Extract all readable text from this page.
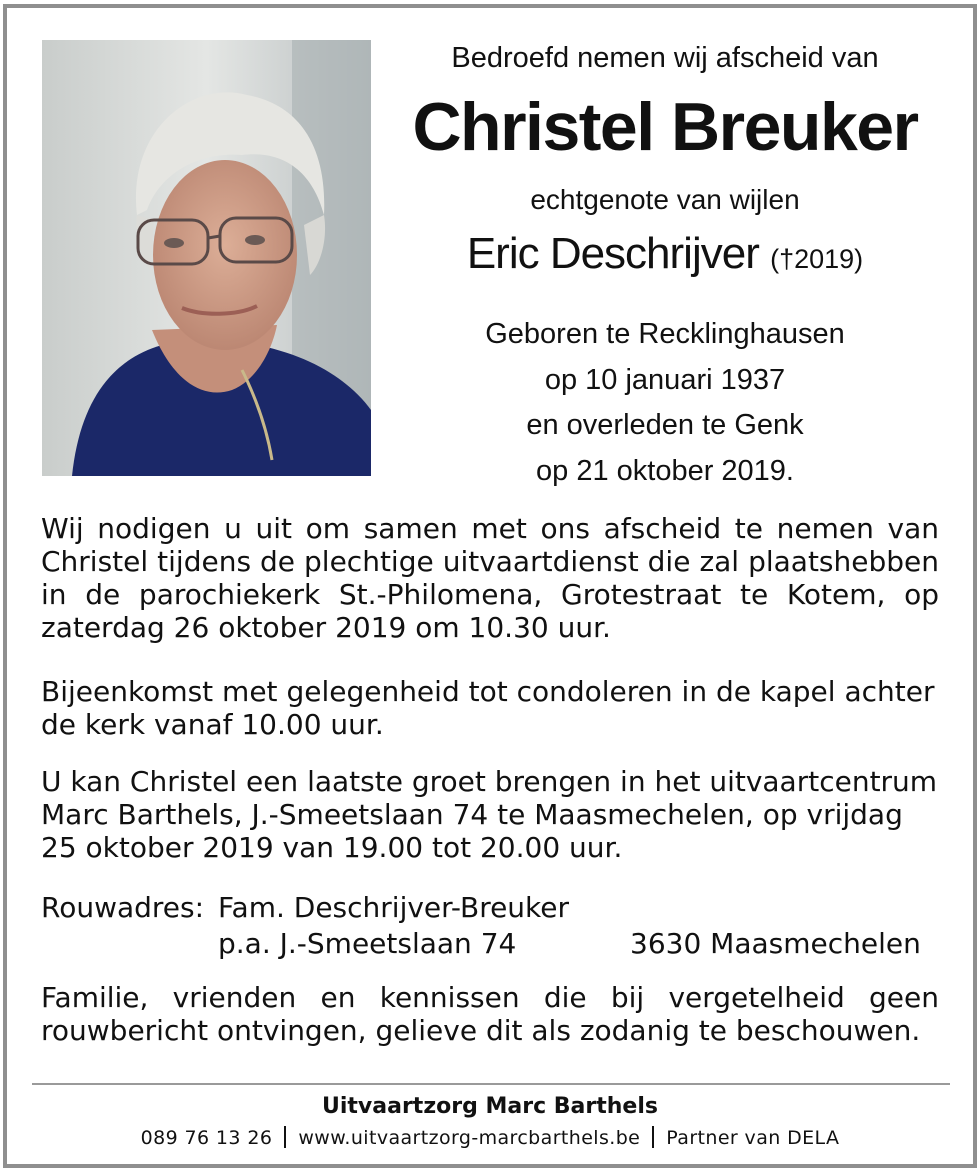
Bedroefd nemen wij afscheid van
Christel Breuker
echtgenote van wijlen
Eric Deschrijver (†2019)
Geboren te Recklinghausen
op 10 januari 1937
en overleden te Genk
op 21 oktober 2019.
Wij nodigen u uit om samen met ons afscheid te nemen van Christel tijdens de plechtige uitvaartdienst die zal plaatshebben in de parochiekerk St.-Philomena, Grotestraat te Kotem, op zaterdag 26 oktober 2019 om 10.30 uur.
Bijeenkomst met gelegenheid tot condoleren in de kapel achter de kerk vanaf 10.00 uur.
U kan Christel een laatste groet brengen in het uitvaartcentrum Marc Barthels, J.-Smeetslaan 74 te Maasmechelen, op vrijdag 25 oktober 2019 van 19.00 tot 20.00 uur.
Rouwadres: Fam. Deschrijver-Breuker
p.a. J.-Smeetslaan 74	3630 Maasmechelen
Familie, vrienden en kennissen die bij vergetelheid geen rouwbericht ontvingen, gelieve dit als zodanig te beschouwen.
Uitvaartzorg Marc Barthels
089 76 13 26 www.uitvaartzorg-marcbarthels.be Partner van DELA
